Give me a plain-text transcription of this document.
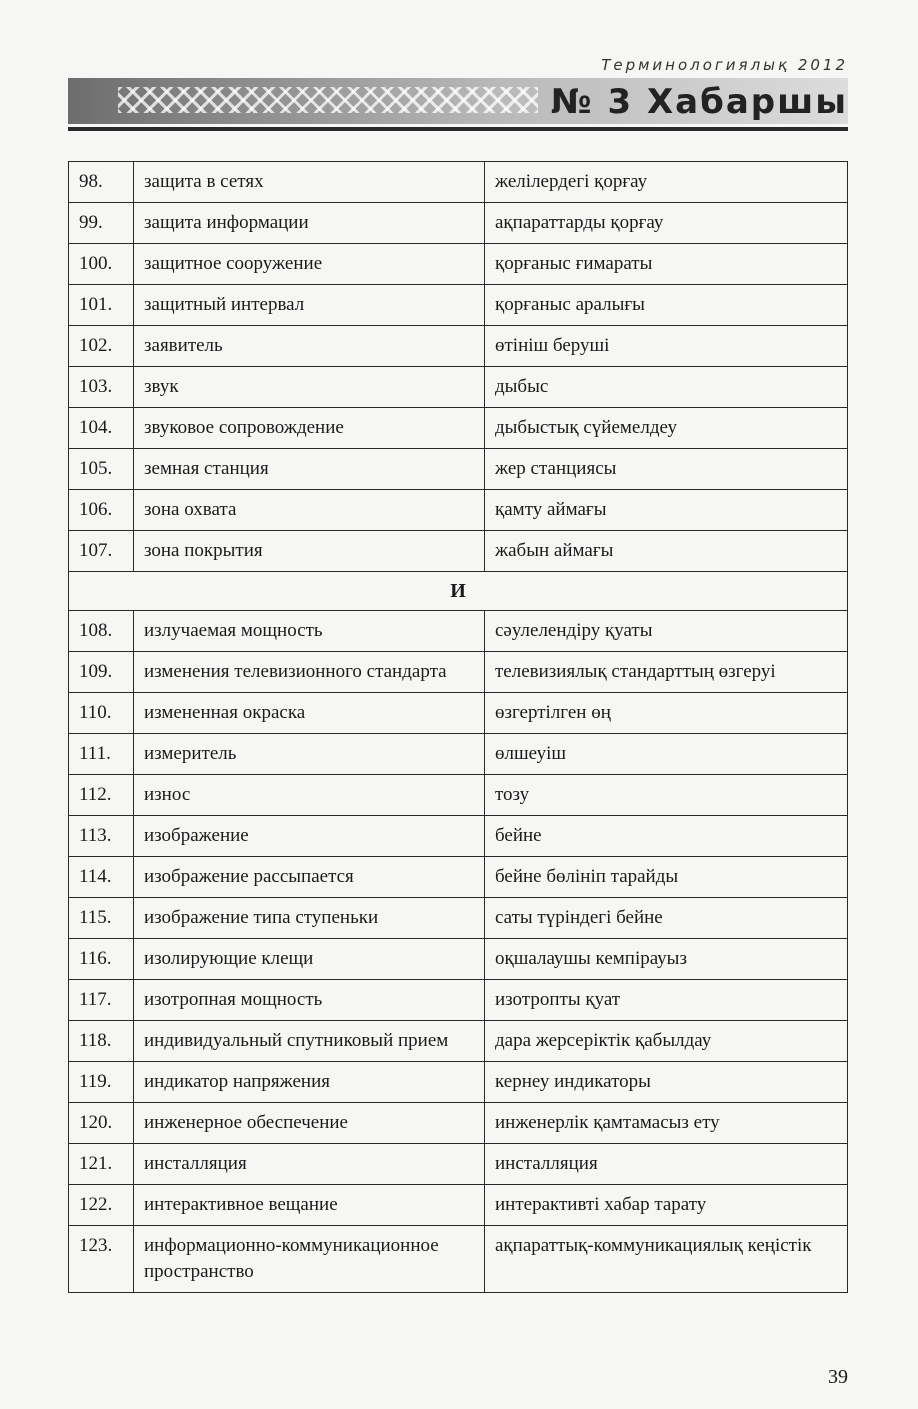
Терминологиялық 2012
№ 3 Хабаршы
98.	защита в сетях	желілердегі қорғау
99.	защита информации	ақпараттарды қорғау
100.	защитное сооружение	қорғаныс ғимараты
101.	защитный интервал	қорғаныс аралығы
102.	заявитель	өтініш беруші
103.	звук	дыбыс
104.	звуковое сопровождение	дыбыстық сүйемелдеу
105.	земная станция	жер станциясы
106.	зона охвата	қамту аймағы
107.	зона покрытия	жабын аймағы
И		
108.	излучаемая мощность	сәулелендіру қуаты
109.	изменения телевизионного стандарта	телевизиялық стандарттың өзгеруі
110.	измененная окраска	өзгертілген өң
111.	измеритель	өлшеуіш
112.	износ	тозу
113.	изображение	бейне
114.	изображение рассыпается	бейне бөлініп тарайды
115.	изображение типа ступеньки	саты түріндегі бейне
116.	изолирующие клещи	оқшалаушы кемпірауыз
117.	изотропная мощность	изотропты қуат
118.	индивидуальный спутниковый прием	дара жерсеріктік қабылдау
119.	индикатор напряжения	кернеу индикаторы
120.	инженерное обеспечение	инженерлік қамтамасыз ету
121.	инсталляция	инсталляция
122.	интерактивное вещание	интерактивті хабар тарату
123.	информационно-коммуникационное пространство	ақпараттық-коммуникациялық кеңістік
39
